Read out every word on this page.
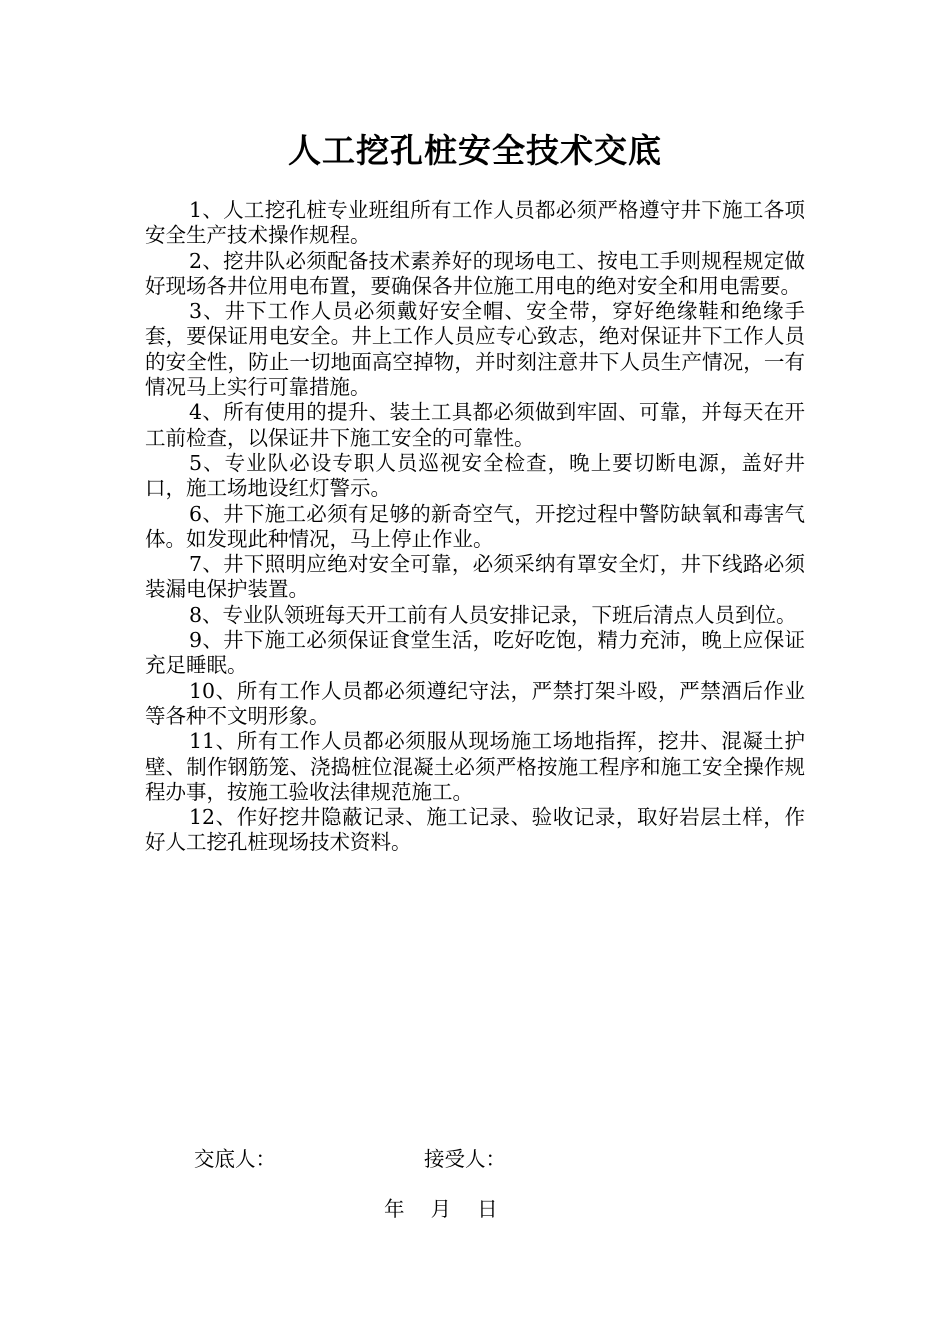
人工挖孔桩安全技术交底

1、人工挖孔桩专业班组所有工作人员都必须严格遵守井下施工各项安全生产技术操作规程。

2、挖井队必须配备技术素养好的现场电工、按电工手则规程规定做好现场各井位用电布置，要确保各井位施工用电的绝对安全和用电需要。

3、井下工作人员必须戴好安全帽、安全带，穿好绝缘鞋和绝缘手套，要保证用电安全。井上工作人员应专心致志，绝对保证井下工作人员的安全性，防止一切地面高空掉物，并时刻注意井下人员生产情况，一有情况马上实行可靠措施。

4、所有使用的提升、装土工具都必须做到牢固、可靠，并每天在开工前检查，以保证井下施工安全的可靠性。

5、专业队必设专职人员巡视安全检查，晚上要切断电源，盖好井口，施工场地设红灯警示。

6、井下施工必须有足够的新奇空气，开挖过程中警防缺氧和毒害气体。如发现此种情况，马上停止作业。

7、井下照明应绝对安全可靠，必须采纳有罩安全灯，井下线路必须装漏电保护装置。

8、专业队领班每天开工前有人员安排记录，下班后清点人员到位。

9、井下施工必须保证食堂生活，吃好吃饱，精力充沛，晚上应保证充足睡眠。

10、所有工作人员都必须遵纪守法，严禁打架斗殴，严禁酒后作业等各种不文明形象。

11、所有工作人员都必须服从现场施工场地指挥，挖井、混凝土护壁、制作钢筋笼、浇捣桩位混凝土必须严格按施工程序和施工安全操作规程办事，按施工验收法律规范施工。

12、作好挖井隐蔽记录、施工记录、验收记录，取好岩层土样，作好人工挖孔桩现场技术资料。

交底人：	接受人：
年    月    日
